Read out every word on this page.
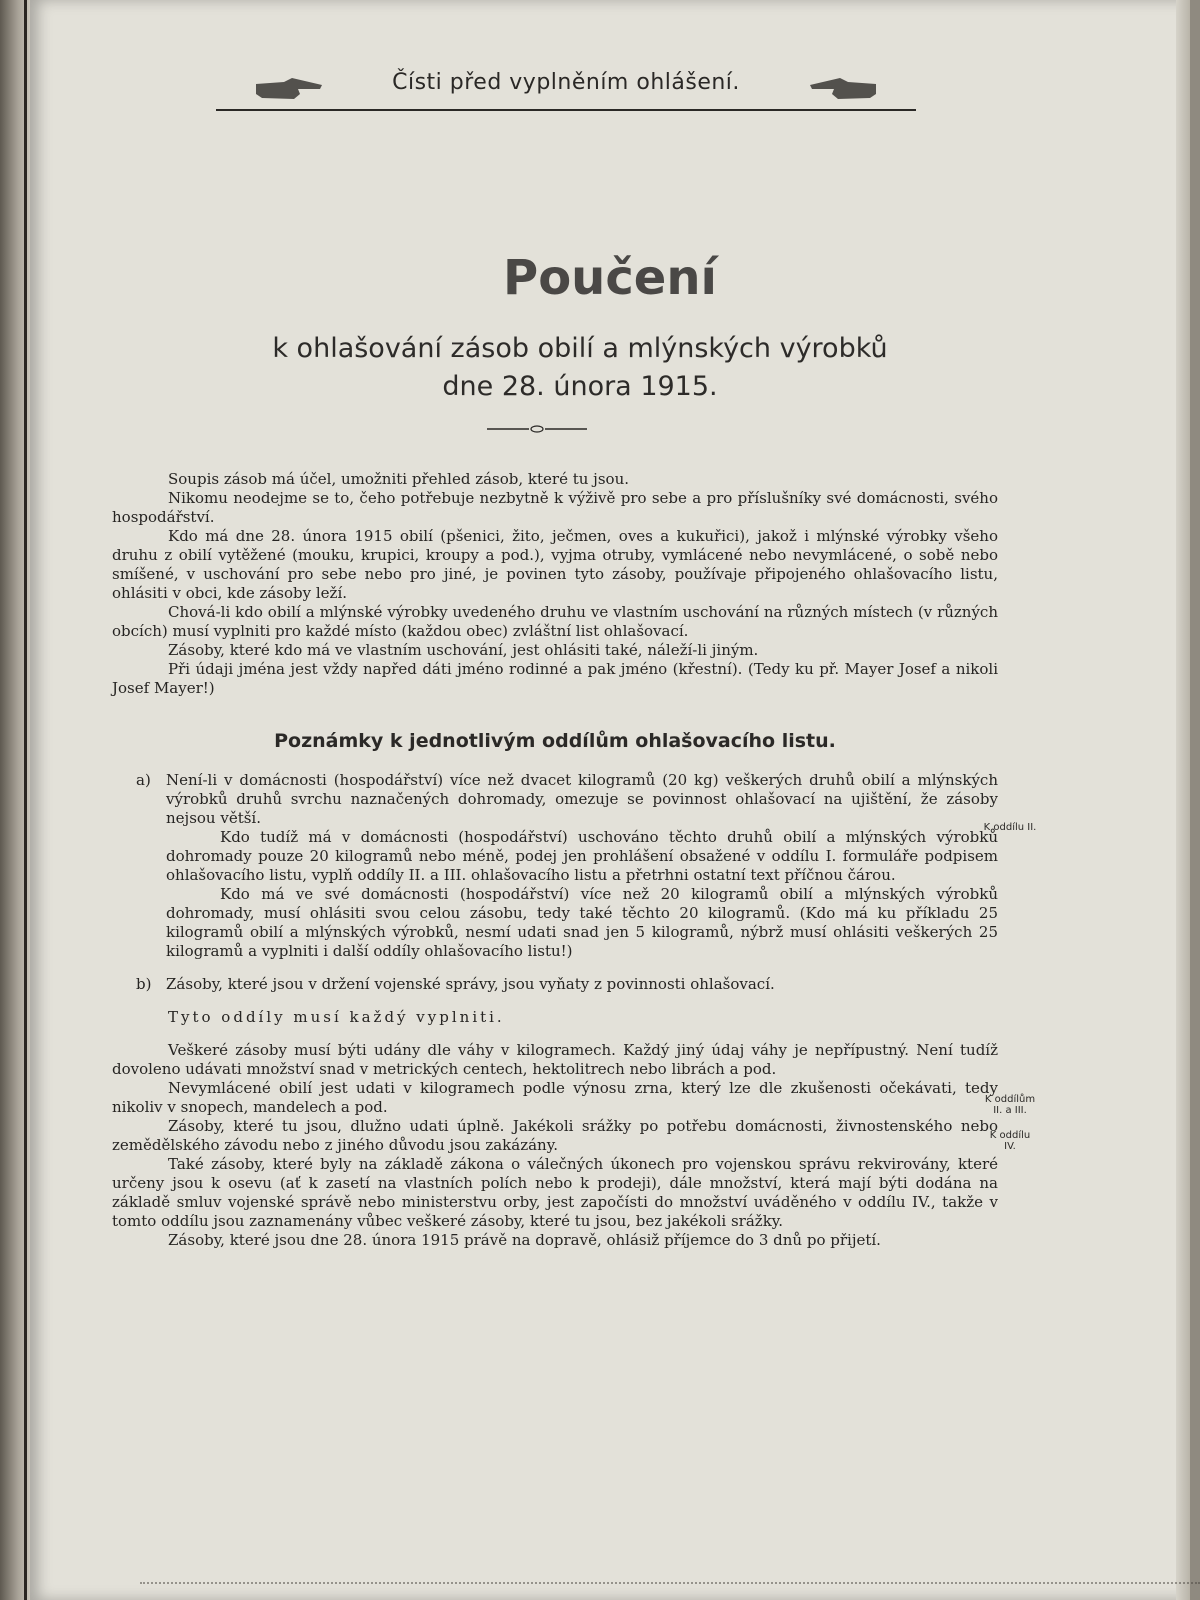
Čísti před vyplněním ohlášení.
Poučení
k ohlašování zásob obilí a mlýnských výrobků
dne 28. února 1915.

Soupis zásob má účel, umožniti přehled zásob, které tu jsou.

Nikomu neodejme se to, čeho potřebuje nezbytně k výživě pro sebe a pro příslušníky své domácnosti, svého hospodářství.

Kdo má dne 28. února 1915 obilí (pšenici, žito, ječmen, oves a kukuřici), jakož i mlýnské výrobky všeho druhu z obilí vytěžené (mouku, krupici, kroupy a pod.), vyjma otruby, vymlácené nebo nevymlácené, o sobě nebo smíšené, v uschování pro sebe nebo pro jiné, je povinen tyto zásoby, používaje připojeného ohlašovacího listu, ohlásiti v obci, kde zásoby leží.

Chová-li kdo obilí a mlýnské výrobky uvedeného druhu ve vlastním uschování na různých místech (v různých obcích) musí vyplniti pro každé místo (každou obec) zvláštní list ohlašovací.

Zásoby, které kdo má ve vlastním uschování, jest ohlásiti také, náleží-li jiným.

Při údaji jména jest vždy napřed dáti jméno rodinné a pak jméno (křestní). (Tedy ku př. Mayer Josef a nikoli Josef Mayer!)

Poznámky k jednotlivým oddílům ohlašovacího listu.
a) Není-li v domácnosti (hospodářství) více než dvacet kilogramů (20 kg) veškerých druhů obilí a mlýnských výrobků druhů svrchu naznačených dohromady, omezuje se povinnost ohlašovací na ujištění, že zásoby nejsou větší.

Kdo tudíž má v domácnosti (hospodářství) uschováno těchto druhů obilí a mlýnských výrobků dohromady pouze 20 kilogramů nebo méně, podej jen prohlášení obsažené v oddílu I. formuláře podpisem ohlašovacího listu, vyplň oddíly II. a III. ohlašovacího listu a přetrhni ostatní text příčnou čárou.

Kdo má ve své domácnosti (hospodářství) více než 20 kilogramů obilí a mlýnských výrobků dohromady, musí ohlásiti svou celou zásobu, tedy také těchto 20 kilogramů. (Kdo má ku příkladu 25 kilogramů obilí a mlýnských výrobků, nesmí udati snad jen 5 kilogramů, nýbrž musí ohlásiti veškerých 25 kilogramů a vyplniti i další oddíly ohlašovacího listu!)

b) Zásoby, které jsou v držení vojenské správy, jsou vyňaty z povinnosti ohlašovací.

Tyto oddíly musí každý vyplniti.

Veškeré zásoby musí býti udány dle váhy v kilogramech. Každý jiný údaj váhy je nepřípustný. Není tudíž dovoleno udávati množství snad v metrických centech, hektolitrech nebo librách a pod.

Nevymlácené obilí jest udati v kilogramech podle výnosu zrna, který lze dle zkušenosti očekávati, tedy nikoliv v snopech, mandelech a pod.

Zásoby, které tu jsou, dlužno udati úplně. Jakékoli srážky po potřebu domácnosti, živnostenského nebo zemědělského závodu nebo z jiného důvodu jsou zakázány.

Také zásoby, které byly na základě zákona o válečných úkonech pro vojenskou správu rekvirovány, které určeny jsou k osevu (ať k zasetí na vlastních polích nebo k prodeji), dále množství, která mají býti dodána na základě smluv vojenské správě nebo ministerstvu orby, jest započísti do množství uváděného v oddílu IV., takže v tomto oddílu jsou zaznamenány vůbec veškeré zásoby, které tu jsou, bez jakékoli srážky.

Zásoby, které jsou dne 28. února 1915 právě na dopravě, ohlásiž příjemce do 3 dnů po přijetí.

K oddílu II.
K oddílům
II. a III.
K oddílu
IV.
